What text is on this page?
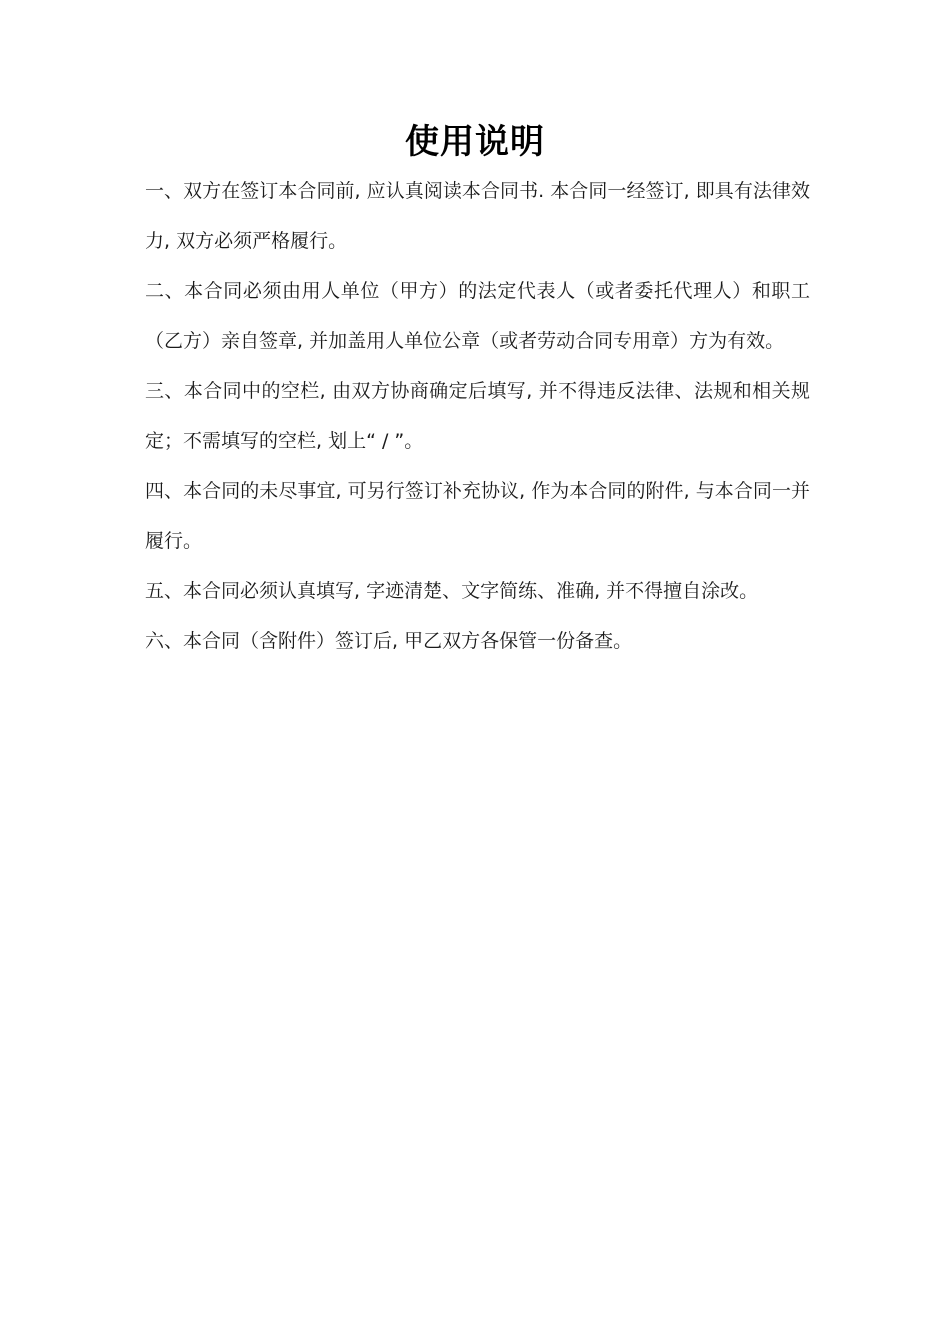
使用说明

一、双方在签订本合同前, 应认真阅读本合同书. 本合同一经签订, 即具有法律效力, 双方必须严格履行。

二、本合同必须由用人单位（甲方）的法定代表人（或者委托代理人）和职工（乙方）亲自签章, 并加盖用人单位公章（或者劳动合同专用章）方为有效。

三、本合同中的空栏, 由双方协商确定后填写, 并不得违反法律、法规和相关规定；不需填写的空栏, 划上“ / ”。

四、本合同的未尽事宜, 可另行签订补充协议, 作为本合同的附件, 与本合同一并履行。

五、本合同必须认真填写, 字迹清楚、文字简练、准确, 并不得擅自涂改。

六、本合同（含附件）签订后, 甲乙双方各保管一份备查。
